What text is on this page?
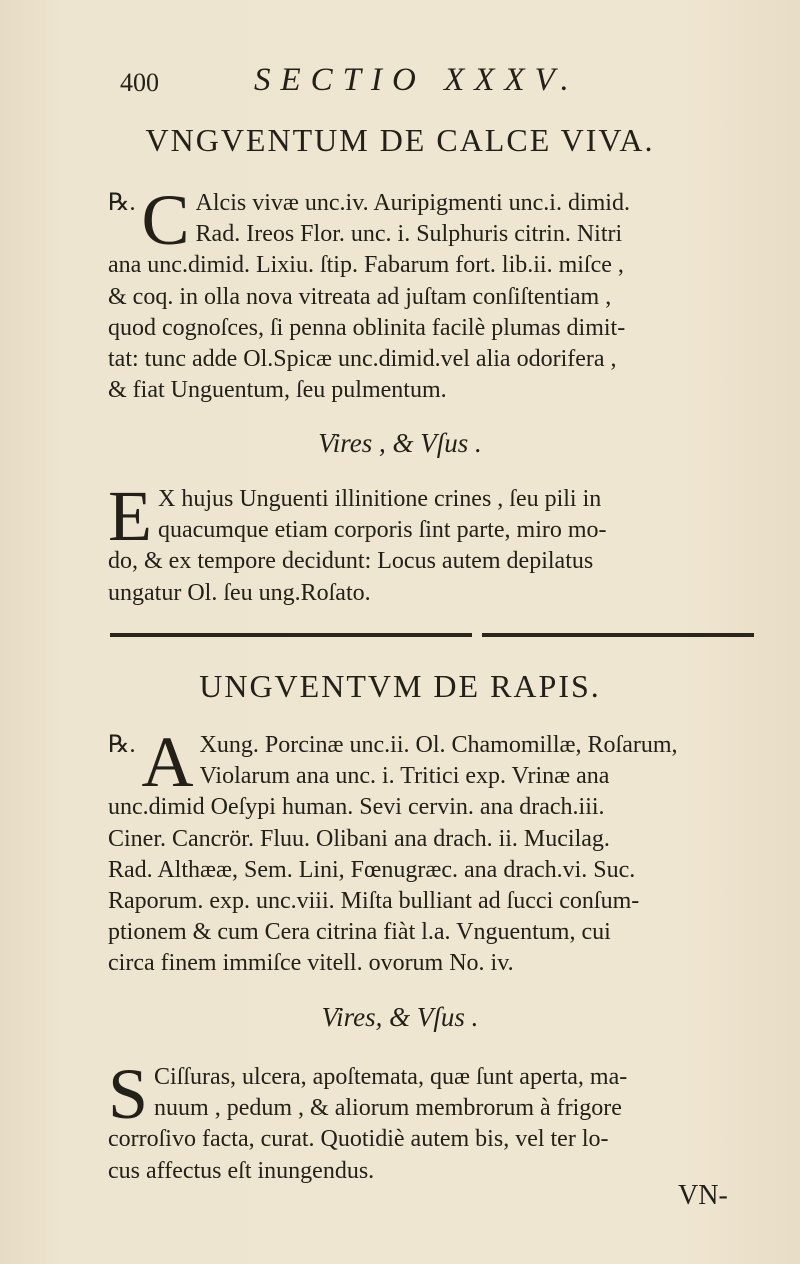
400	SECTIO XXXV.
VNGVENTUM DE CALCE VIVA.
℞. C Alcis vivæ unc.iv. Auripigmenti unc.i. dimid.
Rad. Ireos Flor. unc. i. Sulphuris citrin. Nitri
ana unc.dimid. Lixiu. ſtip. Fabarum fort. lib.ii. miſce ,
& coq. in olla nova vitreata ad juſtam conſiſtentiam ,
quod cognoſces, ſi penna oblinita facilè plumas dimit-
tat: tunc adde Ol.Spicæ unc.dimid.vel alia odorifera ,
& fiat Unguentum, ſeu pulmentum.
Vires , & Vſus .
E X hujus Unguenti illinitione crines , ſeu pili in
quacumque etiam corporis ſint parte, miro mo-
do, & ex tempore decidunt: Locus autem depilatus
ungatur Ol. ſeu ung.Roſato.
UNGVENTVM DE RAPIS.
℞. A Xung. Porcinæ unc.ii. Ol. Chamomillæ, Roſarum,
Violarum ana unc. i. Tritici exp. Vrinæ ana
unc.dimid Oeſypi human. Sevi cervin. ana drach.iii.
Ciner. Cancrör. Fluu. Olibani ana drach. ii. Mucilag.
Rad. Althææ, Sem. Lini, Fœnugræc. ana drach.vi. Suc.
Raporum. exp. unc.viii. Miſta bulliant ad ſucci conſum-
ptionem & cum Cera citrina fiàt l.a. Vnguentum, cui
circa finem immiſce vitell. ovorum No. iv.
Vires, & Vſus .
S Ciſſuras, ulcera, apoſtemata, quæ ſunt aperta, ma-
nuum , pedum , & aliorum membrorum à frigore
corroſivo facta, curat. Quotidiè autem bis, vel ter lo-
cus affectus eſt inungendus.
VN-
